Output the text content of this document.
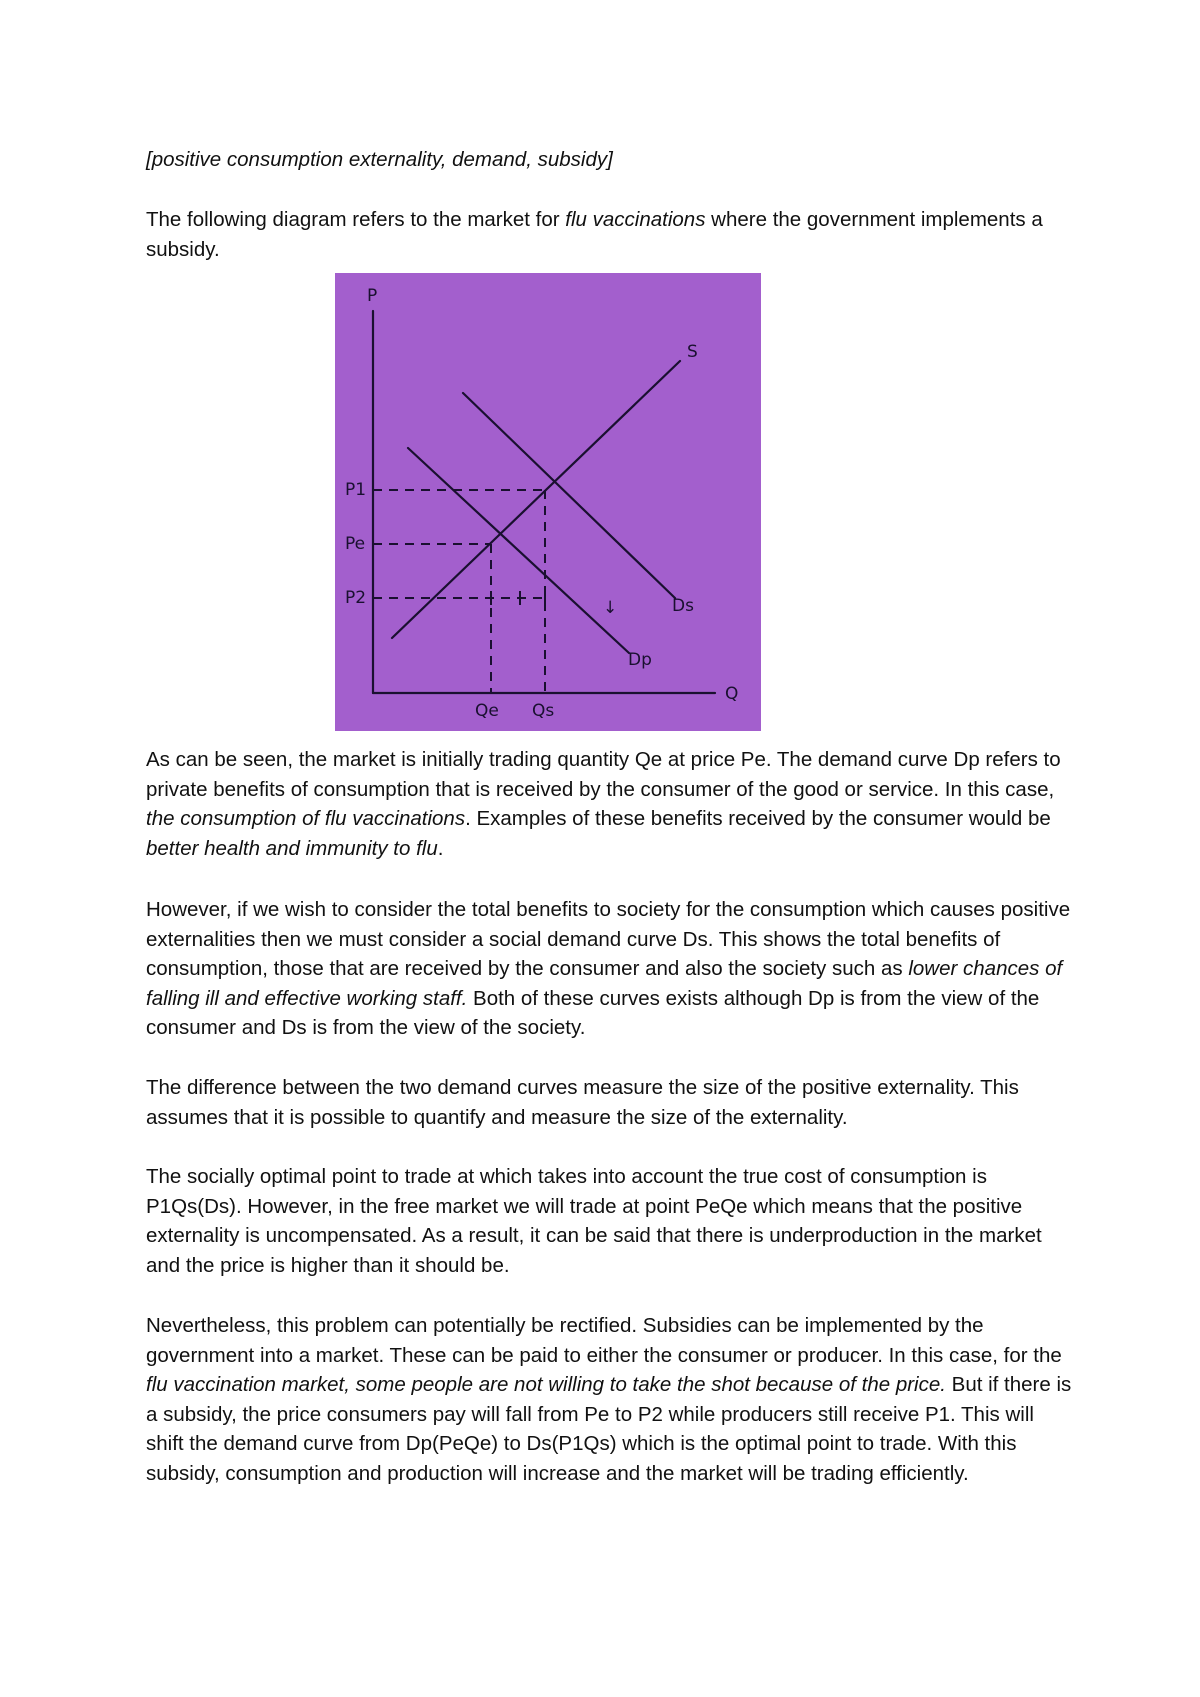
[positive consumption externality, demand, subsidy]

The following diagram refers to the market for flu vaccinations where the government implements a subsidy.

P
Q
P1
Pe
P2
Qe Qs
S
Ds
Dp
↓

As can be seen, the market is initially trading quantity Qe at price Pe. The demand curve Dp refers to private benefits of consumption that is received by the consumer of the good or service. In this case, the consumption of flu vaccinations. Examples of these benefits received by the consumer would be better health and immunity to flu.

However, if we wish to consider the total benefits to society for the consumption which causes positive externalities then we must consider a social demand curve Ds. This shows the total benefits of consumption, those that are received by the consumer and also the society such as lower chances of falling ill and effective working staff. Both of these curves exists although Dp is from the view of the consumer and Ds is from the view of the society.

The difference between the two demand curves measure the size of the positive externality. This assumes that it is possible to quantify and measure the size of the externality.

The socially optimal point to trade at which takes into account the true cost of consumption is P1Qs(Ds). However, in the free market we will trade at point PeQe which means that the positive externality is uncompensated. As a result, it can be said that there is underproduction in the market and the price is higher than it should be.

Nevertheless, this problem can potentially be rectified. Subsidies can be implemented by the government into a market. These can be paid to either the consumer or producer. In this case, for the flu vaccination market, some people are not willing to take the shot because of the price. But if there is a subsidy, the price consumers pay will fall from Pe to P2 while producers still receive P1. This will shift the demand curve from Dp(PeQe) to Ds(P1Qs) which is the optimal point to trade. With this subsidy, consumption and production will increase and the market will be trading efficiently.
